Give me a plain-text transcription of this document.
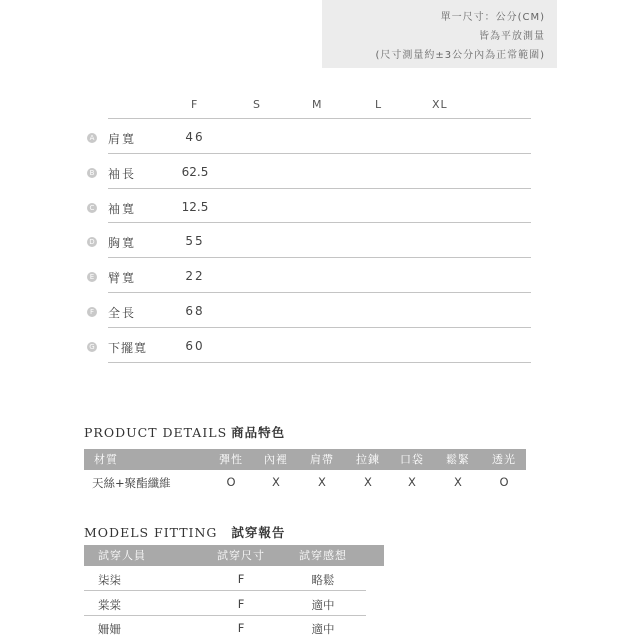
單一尺寸：公分(CM)
皆為平放測量
(尺寸測量約±3公分內為正常範圍)
F	S	M	L	XL
A 肩寬	46
B 袖長	62.5
C 袖寬	12.5
D 胸寬	55
E 臂寬	22
F 全長	68
G 下擺寬	60
PRODUCT DETAILS 商品特色
材質	彈性 內裡 肩帶 拉鍊 口袋 鬆緊 透光
天絲+聚酯纖維	O	X	X	X	X	X	O
MODELS FITTING 試穿報告
試穿人員	試穿尺寸	試穿感想
柒柒	F	略鬆
棠棠	F	適中
姍姍	F	適中
